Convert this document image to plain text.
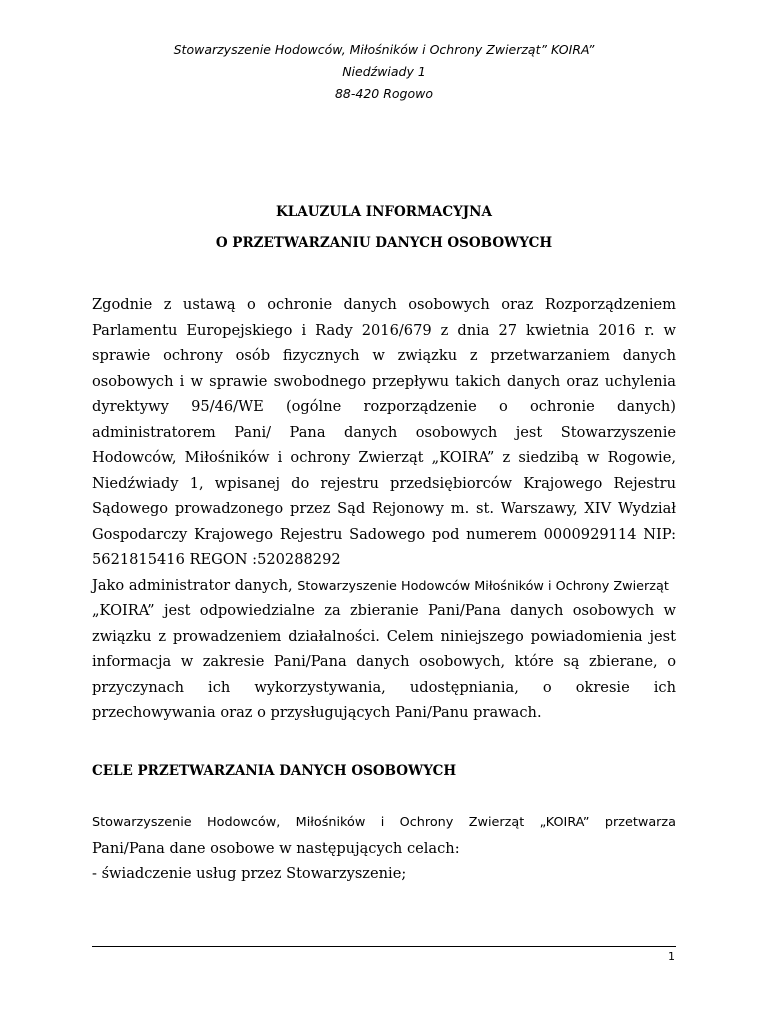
Stowarzyszenie Hodowców, Miłośników i Ochrony Zwierząt” KOIRA”
Niedźwiady 1
88-420 Rogowo
KLAUZULA INFORMACYJNA
O PRZETWARZANIU DANYCH OSOBOWYCH
Zgodnie z ustawą o ochronie danych osobowych oraz Rozporządzeniem
Parlamentu Europejskiego i Rady 2016/679 z dnia 27 kwietnia 2016 r. w
sprawie ochrony osób fizycznych w związku z przetwarzaniem danych
osobowych i w sprawie swobodnego przepływu takich danych oraz uchylenia
dyrektywy 95/46/WE (ogólne rozporządzenie o ochronie danych)
administratorem Pani/ Pana danych osobowych jest Stowarzyszenie
Hodowców, Miłośników i ochrony Zwierząt „KOIRA” z siedzibą w Rogowie,
Niedźwiady 1, wpisanej do rejestru przedsiębiorców Krajowego Rejestru
Sądowego prowadzonego przez Sąd Rejonowy m. st. Warszawy, XIV Wydział
Gospodarczy Krajowego Rejestru Sadowego pod numerem 0000929114 NIP:
5621815416 REGON :520288292
Jako administrator danych, Stowarzyszenie Hodowców Miłośników i Ochrony Zwierząt
„KOIRA” jest odpowiedzialne za zbieranie Pani/Pana danych osobowych w
związku z prowadzeniem działalności. Celem niniejszego powiadomienia jest
informacja w zakresie Pani/Pana danych osobowych, które są zbierane, o
przyczynach ich wykorzystywania, udostępniania, o okresie ich
przechowywania oraz o przysługujących Pani/Panu prawach.
CELE PRZETWARZANIA DANYCH OSOBOWYCH
Stowarzyszenie Hodowców, Miłośników i Ochrony Zwierząt „KOIRA” przetwarza
Pani/Pana dane osobowe w następujących celach:
- świadczenie usług przez Stowarzyszenie;
1
